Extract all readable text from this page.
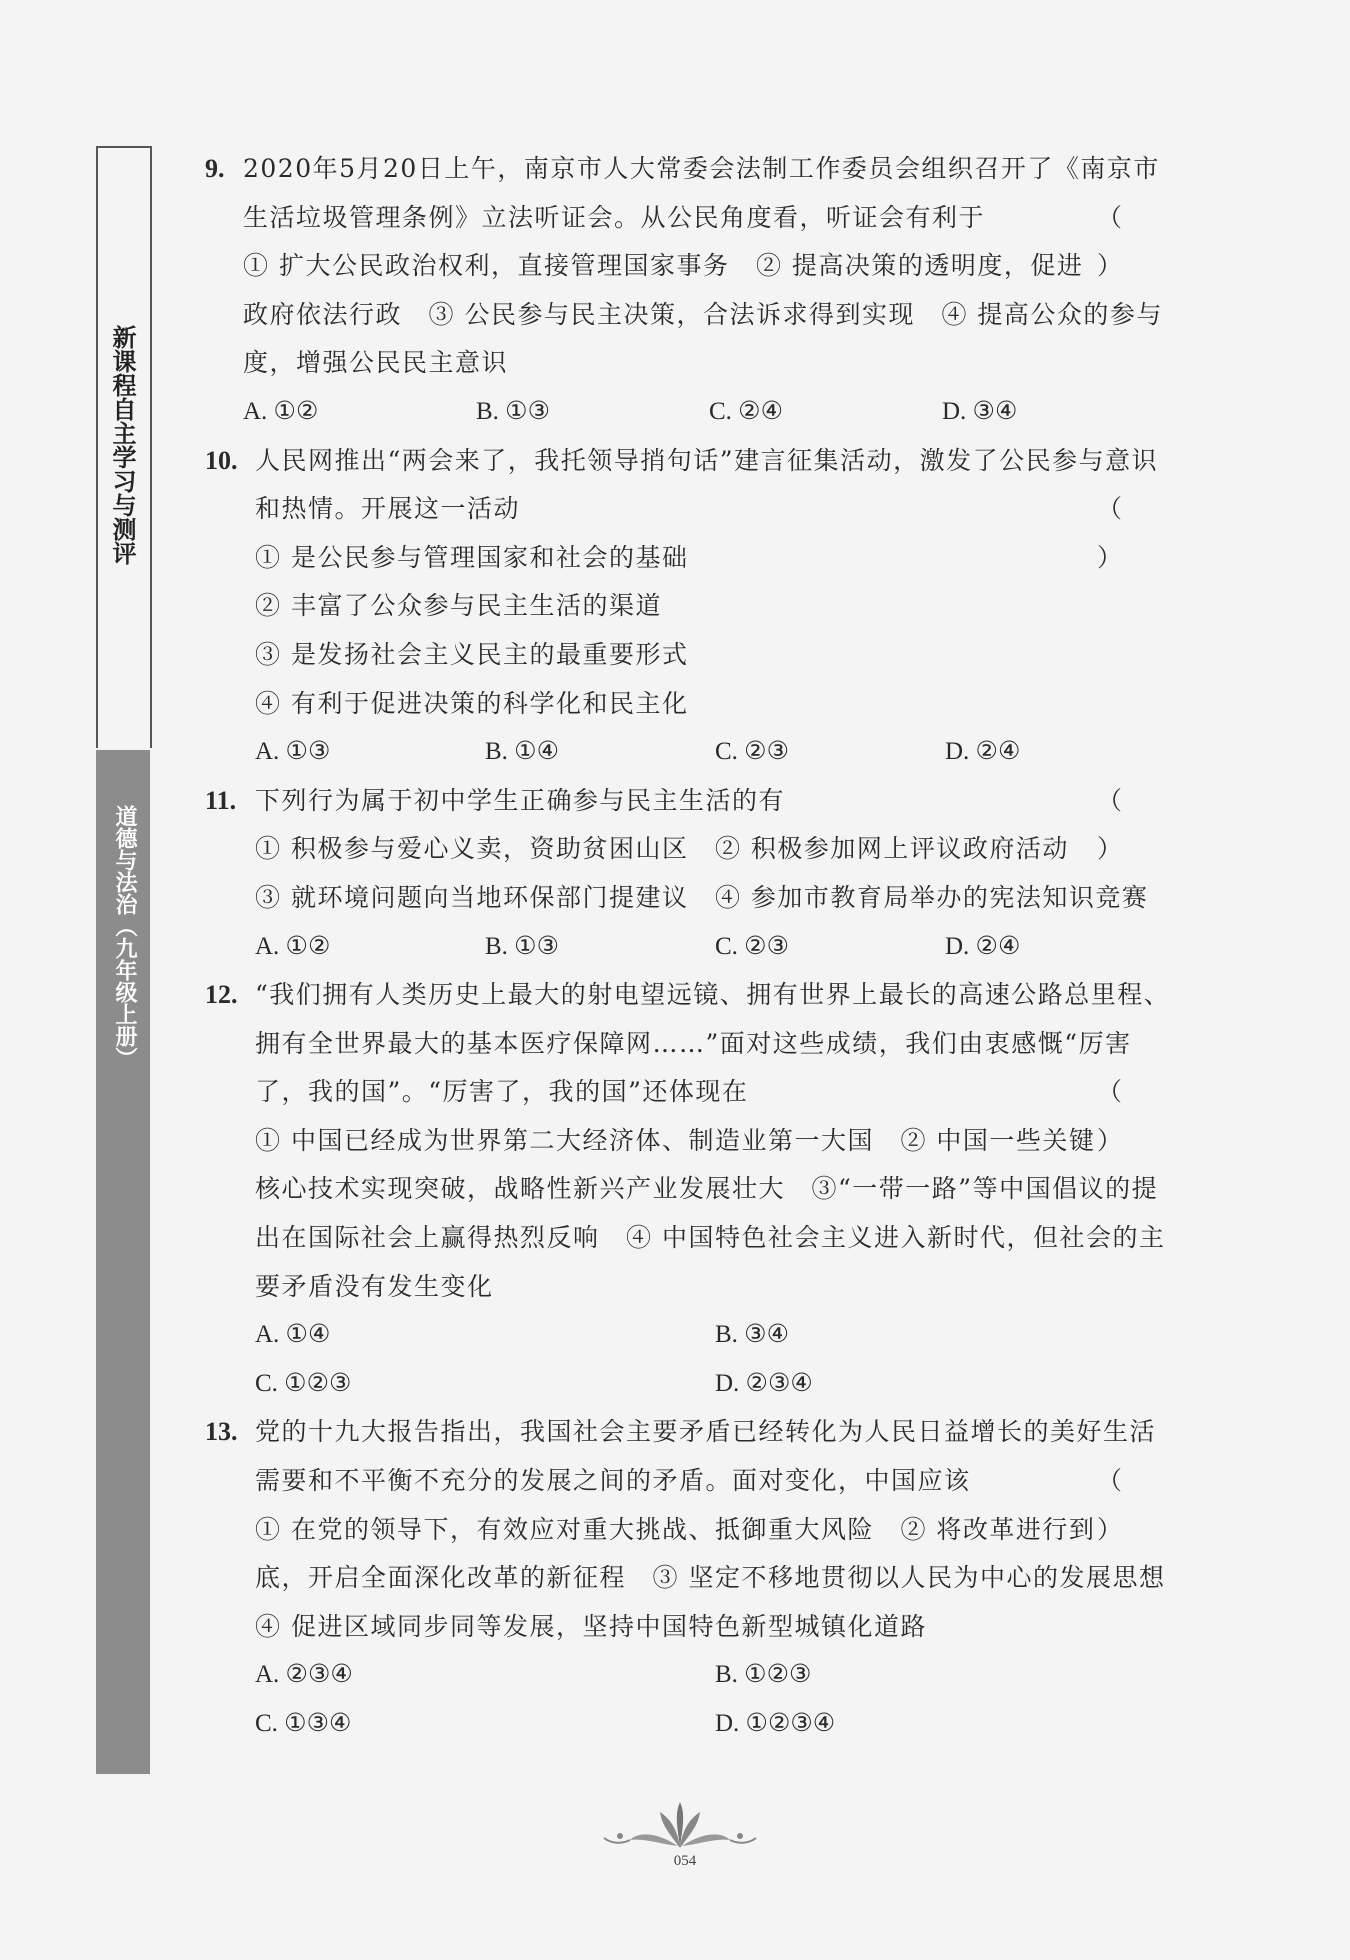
新课程自主学习与测评
道德与法治（九年级上册）
9. 2020年5月20日上午，南京市人大常委会法制工作委员会组织召开了《南京市生活垃圾管理条例》立法听证会。从公民角度看，听证会有利于	（ ）
① 扩大公民政治权利，直接管理国家事务　② 提高决策的透明度，促进政府依法行政　③ 公民参与民主决策，合法诉求得到实现　④ 提高公众的参与度，增强公民民主意识
A. ①②	B. ①③	C. ②④	D. ③④
10. 人民网推出“两会来了，我托领导捎句话”建言征集活动，激发了公民参与意识和热情。开展这一活动	（ ）
① 是公民参与管理国家和社会的基础
② 丰富了公众参与民主生活的渠道
③ 是发扬社会主义民主的最重要形式
④ 有利于促进决策的科学化和民主化
A. ①③	B. ①④	C. ②③	D. ②④
11. 下列行为属于初中学生正确参与民主生活的有	（ ）
① 积极参与爱心义卖，资助贫困山区　② 积极参加网上评议政府活动
③ 就环境问题向当地环保部门提建议　④ 参加市教育局举办的宪法知识竞赛
A. ①②	B. ①③	C. ②③	D. ②④
12. “我们拥有人类历史上最大的射电望远镜、拥有世界上最长的高速公路总里程、拥有全世界最大的基本医疗保障网……”面对这些成绩，我们由衷感慨“厉害了，我的国”。“厉害了，我的国”还体现在	（ ）
① 中国已经成为世界第二大经济体、制造业第一大国　② 中国一些关键核心技术实现突破，战略性新兴产业发展壮大　③“一带一路”等中国倡议的提出在国际社会上赢得热烈反响　④ 中国特色社会主义进入新时代，但社会的主要矛盾没有发生变化
A. ①④	B. ③④
C. ①②③	D. ②③④
13. 党的十九大报告指出，我国社会主要矛盾已经转化为人民日益增长的美好生活需要和不平衡不充分的发展之间的矛盾。面对变化，中国应该	（ ）
① 在党的领导下，有效应对重大挑战、抵御重大风险　② 将改革进行到底，开启全面深化改革的新征程　③ 坚定不移地贯彻以人民为中心的发展思想　④ 促进区域同步同等发展，坚持中国特色新型城镇化道路
A. ②③④	B. ①②③
C. ①③④	D. ①②③④
054
